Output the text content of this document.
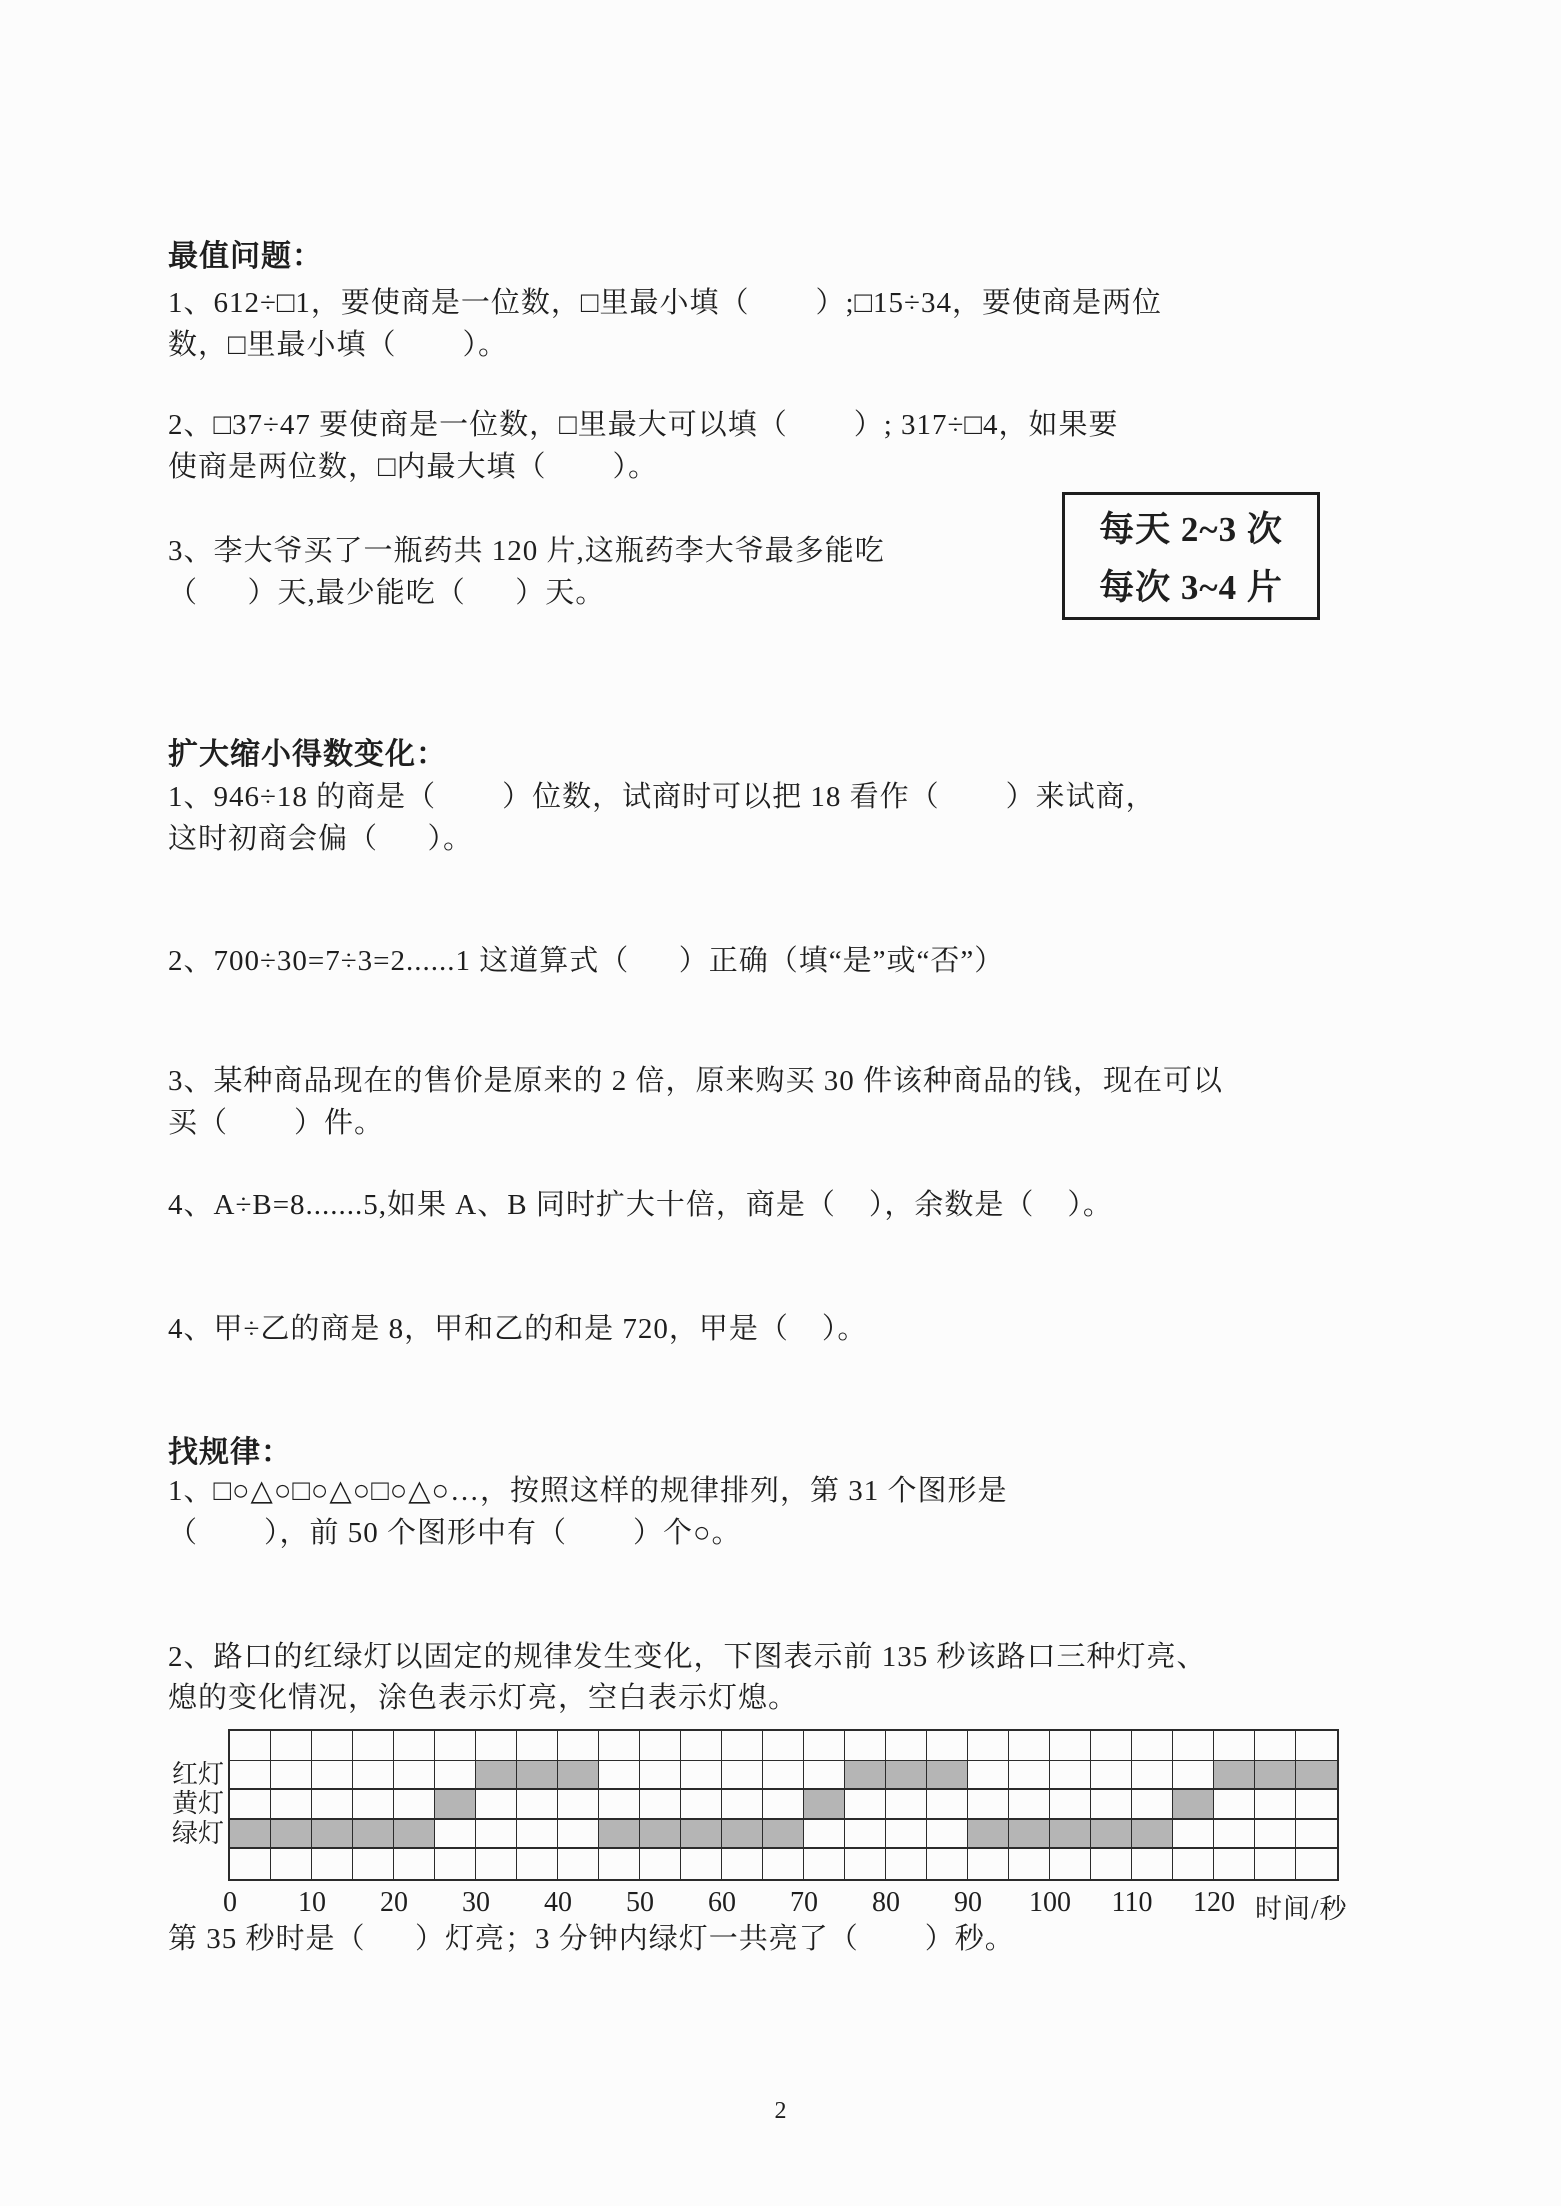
最值问题：
1、612÷□1，要使商是一位数，□里最小填（        ）;□15÷34，要使商是两位
数，□里最小填（        ）。
2、□37÷47 要使商是一位数，□里最大可以填（        ）; 317÷□4，如果要
使商是两位数，□内最大填（        ）。
3、李大爷买了一瓶药共 120 片,这瓶药李大爷最多能吃
（      ）天,最少能吃（      ）天。
每天 2~3 次
每次 3~4 片
扩大缩小得数变化：
1、946÷18 的商是（        ）位数，试商时可以把 18 看作（        ）来试商，
这时初商会偏（      ）。
2、700÷30=7÷3=2......1 这道算式（      ）正确（填“是”或“否”）
3、某种商品现在的售价是原来的 2 倍，原来购买 30 件该种商品的钱，现在可以
买（        ）件。
4、A÷B=8.......5,如果 A、B 同时扩大十倍，商是（    ），余数是（    ）。
4、甲÷乙的商是 8，甲和乙的和是 720，甲是（    ）。
找规律：
1、□○△○□○△○□○△○…，按照这样的规律排列，第 31 个图形是
（        ），前 50 个图形中有（        ）个○。
2、路口的红绿灯以固定的规律发生变化，下图表示前 135 秒该路口三种灯亮、
熄的变化情况，涂色表示灯亮，空白表示灯熄。
红灯
黄灯
绿灯
0 10 20 30 40 50 60 70 80 90 100 110 120 时间/秒
第 35 秒时是（      ）灯亮；3 分钟内绿灯一共亮了（        ）秒。
2
